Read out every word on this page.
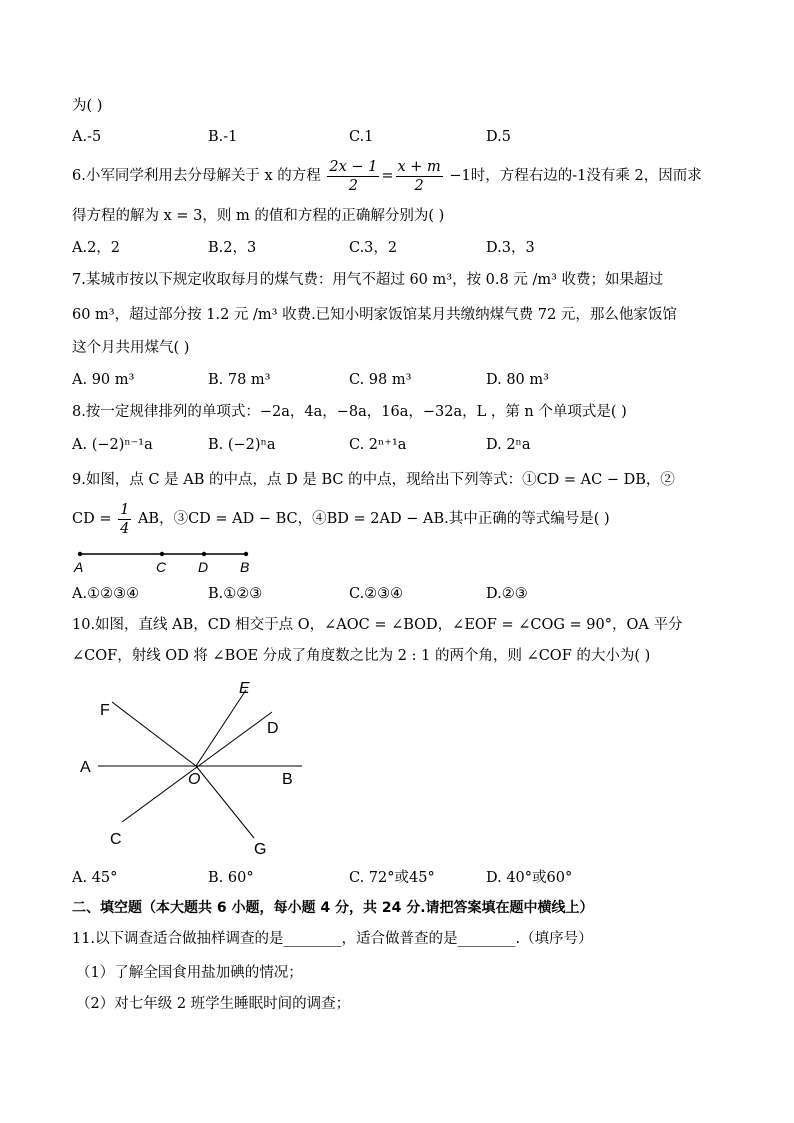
为( )
A.-5	B.-1	C.1	D.5
6.小军同学利用去分母解关于 x 的方程 $\frac{2x - 1}{2} = \frac{x + m}{2} -1$时，方程右边的-1没有乘 2，因而求
得方程的解为 x = 3，则 m 的值和方程的正确解分别为( )
A.2，2	B.2，3	C.3，2	D.3，3
7.某城市按以下规定收取每月的煤气费：用气不超过 60 m³，按 0.8 元 /m³ 收费；如果超过
60 m³，超过部分按 1.2 元 /m³ 收费.已知小明家饭馆某月共缴纳煤气费 72 元，那么他家饭馆
这个月共用煤气( )
A. 90 m³	B. 78 m³	C. 98 m³	D. 80 m³
8.按一定规律排列的单项式：−2a，4a，−8a，16a，−32a，L ，第 n 个单项式是( )
A. (−2)ⁿ⁻¹a	B. (−2)ⁿa	C. 2ⁿ⁺¹a	D. 2ⁿa
9.如图，点 C 是 AB 的中点，点 D 是 BC 的中点，现给出下列等式：①CD = AC − DB，②
CD = $\frac{1}{4}$ AB，③CD = AD − BC，④BD = 2AD − AB.其中正确的等式编号是( )
A	C D B
A.①②③④	B.①②③	C.②③④	D.②③
10.如图，直线 AB，CD 相交于点 O，∠AOC = ∠BOD，∠EOF = ∠COG = 90°，OA 平分
∠COF，射线 OD 将 ∠BOE 分成了角度数之比为 2 : 1 的两个角，则 ∠COF 的大小为( )
F
E
D
A
O	B
C
G
A. 45°	B. 60°	C. 72°或45°	D. 40°或60°
二、填空题（本大题共 6 小题，每小题 4 分，共 24 分.请把答案填在题中横线上）
11.以下调查适合做抽样调查的是________，适合做普查的是________.（填序号）
（1）了解全国食用盐加碘的情况；
（2）对七年级 2 班学生睡眠时间的调查；
